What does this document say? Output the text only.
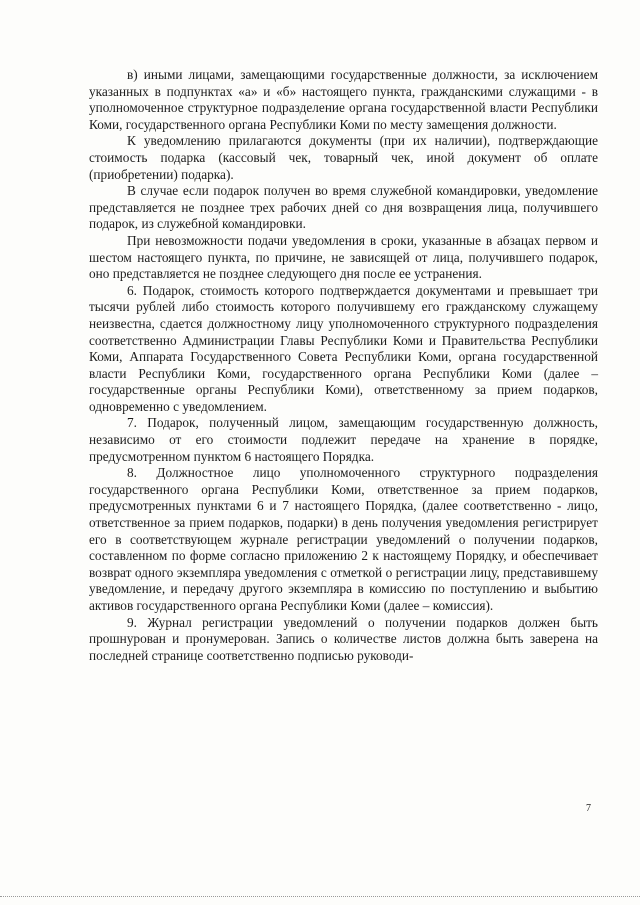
в) иными лицами, замещающими государственные должности, за исключением указанных в подпунктах «а» и «б» настоящего пункта, гражданскими служащими - в уполномоченное структурное подразделение органа государственной власти Республики Коми, государственного органа Республики Коми по месту замещения должности.

К уведомлению прилагаются документы (при их наличии), подтверждающие стоимость подарка (кассовый чек, товарный чек, иной документ об оплате (приобретении) подарка).

В случае если подарок получен во время служебной командировки, уведомление представляется не позднее трех рабочих дней со дня возвращения лица, получившего подарок, из служебной командировки.

При невозможности подачи уведомления в сроки, указанные в абзацах первом и шестом настоящего пункта, по причине, не зависящей от лица, получившего подарок, оно представляется не позднее следующего дня после ее устранения.

6. Подарок, стоимость которого подтверждается документами и превышает три тысячи рублей либо стоимость которого получившему его гражданскому служащему неизвестна, сдается должностному лицу уполномоченного структурного подразделения соответственно Администрации Главы Республики Коми и Правительства Республики Коми, Аппарата Государственного Совета Республики Коми, органа государственной власти Республики Коми, государственного органа Республики Коми (далее – государственные органы Республики Коми), ответственному за прием подарков, одновременно с уведомлением.

7. Подарок, полученный лицом, замещающим государственную должность, независимо от его стоимости подлежит передаче на хранение в порядке, предусмотренном пунктом 6 настоящего Порядка.

8. Должностное лицо уполномоченного структурного подразделения государственного органа Республики Коми, ответственное за прием подарков, предусмотренных пунктами 6 и 7 настоящего Порядка, (далее соответственно - лицо, ответственное за прием подарков, подарки) в день получения уведомления регистрирует его в соответствующем журнале регистрации уведомлений о получении подарков, составленном по форме согласно приложению 2 к настоящему Порядку, и обеспечивает возврат одного экземпляра уведомления с отметкой о регистрации лицу, представившему уведомление, и передачу другого экземпляра в комиссию по поступлению и выбытию активов государственного органа Республики Коми (далее – комиссия).

9. Журнал регистрации уведомлений о получении подарков должен быть прошнурован и пронумерован. Запись о количестве листов должна быть заверена на последней странице соответственно подписью руководи-

7
